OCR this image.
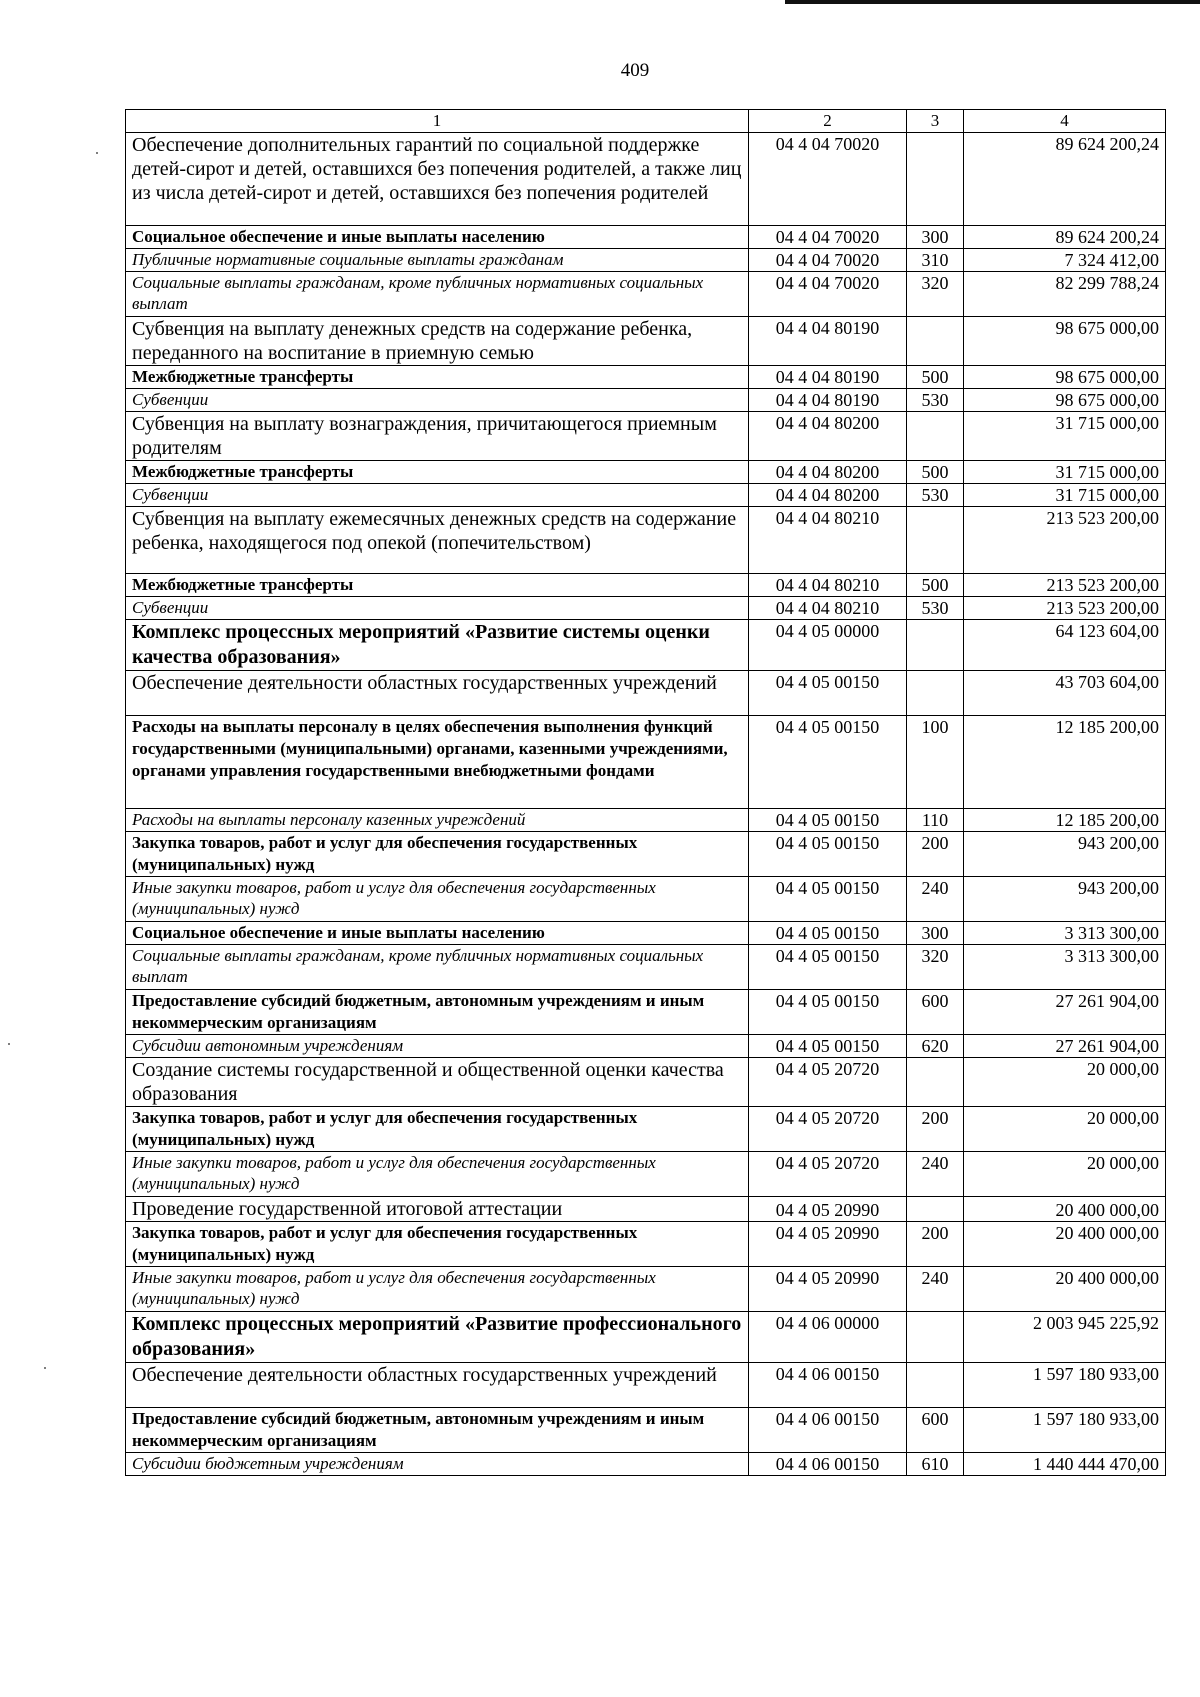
409
1	2	3	4
Обеспечение дополнительных гарантий по социальной поддержке детей-сирот и детей, оставшихся без попечения родителей, а также лиц из числа детей-сирот и детей, оставшихся без попечения родителей	04 4 04 70020		89 624 200,24
Социальное обеспечение и иные выплаты населению	04 4 04 70020	300	89 624 200,24
Публичные нормативные социальные выплаты гражданам	04 4 04 70020	310	7 324 412,00
Социальные выплаты гражданам, кроме публичных нормативных социальных выплат	04 4 04 70020	320	82 299 788,24
Субвенция на выплату денежных средств на содержание ребенка, переданного на воспитание в приемную семью	04 4 04 80190		98 675 000,00
Межбюджетные трансферты	04 4 04 80190	500	98 675 000,00
Субвенции	04 4 04 80190	530	98 675 000,00
Субвенция на выплату вознаграждения, причитающегося приемным родителям	04 4 04 80200		31 715 000,00
Межбюджетные трансферты	04 4 04 80200	500	31 715 000,00
Субвенции	04 4 04 80200	530	31 715 000,00
Субвенция на выплату ежемесячных денежных средств на содержание ребенка, находящегося под опекой (попечительством)	04 4 04 80210		213 523 200,00
Межбюджетные трансферты	04 4 04 80210	500	213 523 200,00
Субвенции	04 4 04 80210	530	213 523 200,00
Комплекс процессных мероприятий «Развитие системы оценки качества образования»	04 4 05 00000		64 123 604,00
Обеспечение деятельности областных государственных учреждений	04 4 05 00150		43 703 604,00
Расходы на выплаты персоналу в целях обеспечения выполнения функций государственными (муниципальными) органами, казенными учреждениями, органами управления государственными внебюджетными фондами	04 4 05 00150	100	12 185 200,00
Расходы на выплаты персоналу казенных учреждений	04 4 05 00150	110	12 185 200,00
Закупка товаров, работ и услуг для обеспечения государственных (муниципальных) нужд	04 4 05 00150	200	943 200,00
Иные закупки товаров, работ и услуг для обеспечения государственных (муниципальных) нужд	04 4 05 00150	240	943 200,00
Социальное обеспечение и иные выплаты населению	04 4 05 00150	300	3 313 300,00
Социальные выплаты гражданам, кроме публичных нормативных социальных выплат	04 4 05 00150	320	3 313 300,00
Предоставление субсидий бюджетным, автономным учреждениям и иным некоммерческим организациям	04 4 05 00150	600	27 261 904,00
Субсидии автономным учреждениям	04 4 05 00150	620	27 261 904,00
Создание системы государственной и общественной оценки качества образования	04 4 05 20720		20 000,00
Закупка товаров, работ и услуг для обеспечения государственных (муниципальных) нужд	04 4 05 20720	200	20 000,00
Иные закупки товаров, работ и услуг для обеспечения государственных (муниципальных) нужд	04 4 05 20720	240	20 000,00
Проведение государственной итоговой аттестации	04 4 05 20990		20 400 000,00
Закупка товаров, работ и услуг для обеспечения государственных (муниципальных) нужд	04 4 05 20990	200	20 400 000,00
Иные закупки товаров, работ и услуг для обеспечения государственных (муниципальных) нужд	04 4 05 20990	240	20 400 000,00
Комплекс процессных мероприятий «Развитие профессионального образования»	04 4 06 00000		2 003 945 225,92
Обеспечение деятельности областных государственных учреждений	04 4 06 00150		1 597 180 933,00
Предоставление субсидий бюджетным, автономным учреждениям и иным некоммерческим организациям	04 4 06 00150	600	1 597 180 933,00
Субсидии бюджетным учреждениям	04 4 06 00150	610	1 440 444 470,00
